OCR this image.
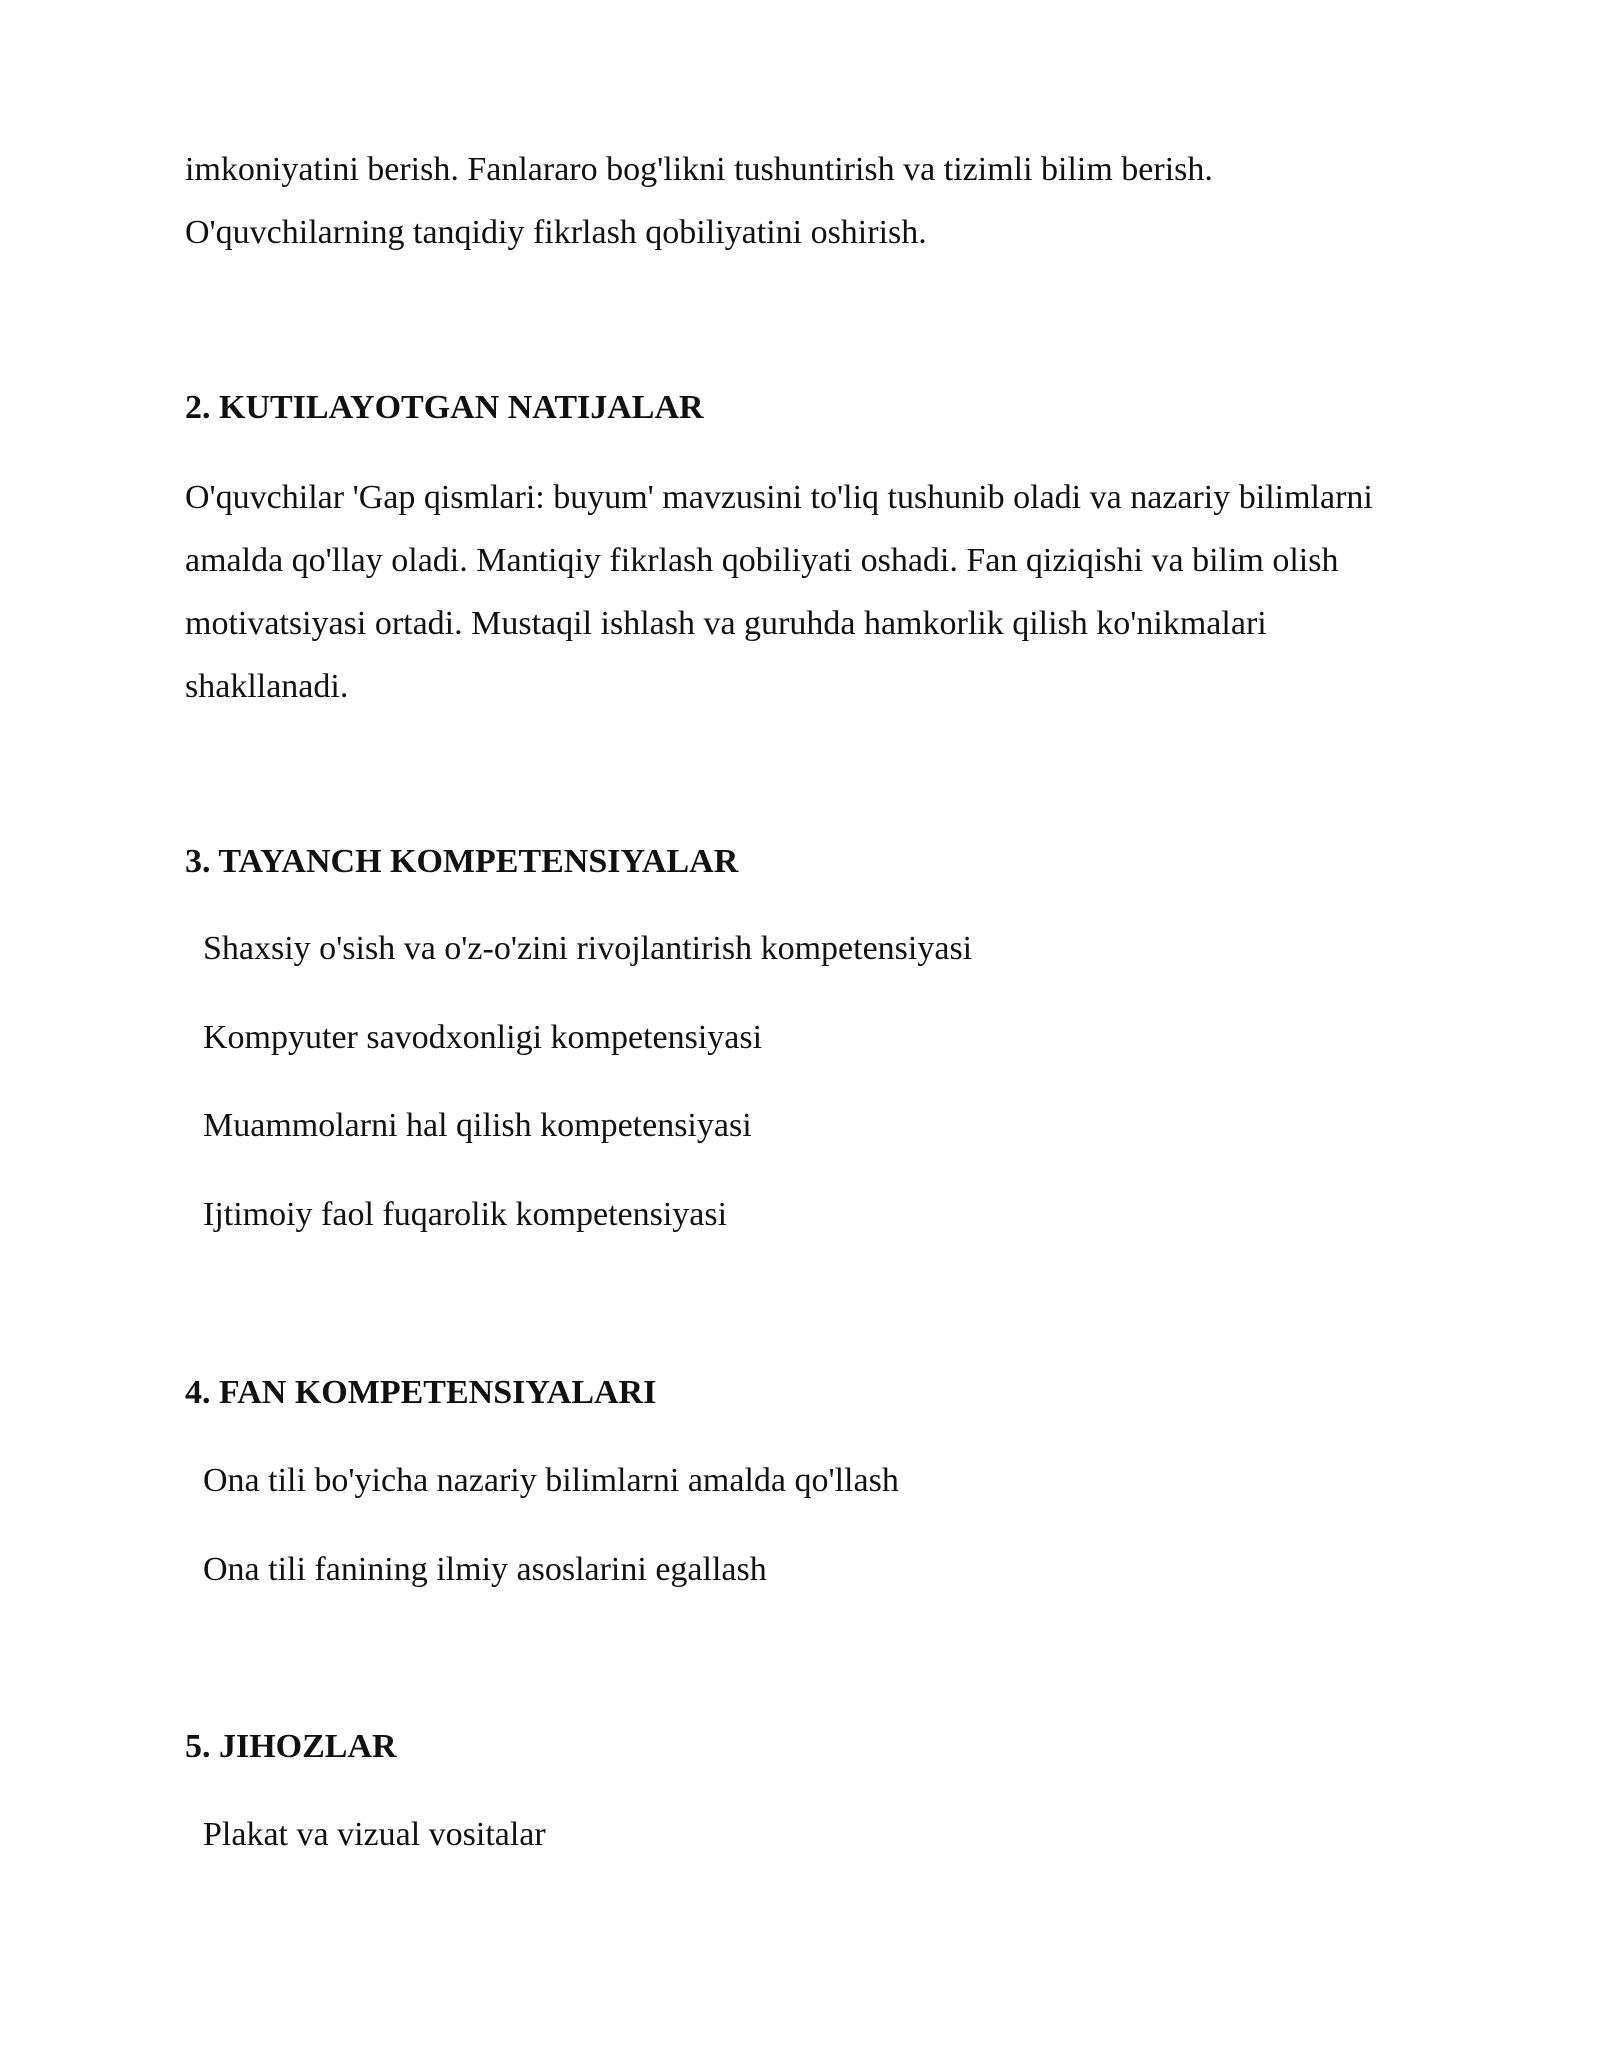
imkoniyatini berish. Fanlararo bog'likni tushuntirish va tizimli bilim berish. O'quvchilarning tanqidiy fikrlash qobiliyatini oshirish.

2. KUTILAYOTGAN NATIJALAR

O'quvchilar 'Gap qismlari: buyum' mavzusini to'liq tushunib oladi va nazariy bilimlarni amalda qo'llay oladi. Mantiqiy fikrlash qobiliyati oshadi. Fan qiziqishi va bilim olish motivatsiyasi ortadi. Mustaqil ishlash va guruhda hamkorlik qilish ko'nikmalari shakllanadi.

3. TAYANCH KOMPETENSIYALAR

Shaxsiy o'sish va o'z-o'zini rivojlantirish kompetensiyasi

Kompyuter savodxonligi kompetensiyasi

Muammolarni hal qilish kompetensiyasi

Ijtimoiy faol fuqarolik kompetensiyasi

4. FAN KOMPETENSIYALARI

Ona tili bo'yicha nazariy bilimlarni amalda qo'llash

Ona tili fanining ilmiy asoslarini egallash

5. JIHOZLAR

Plakat va vizual vositalar
